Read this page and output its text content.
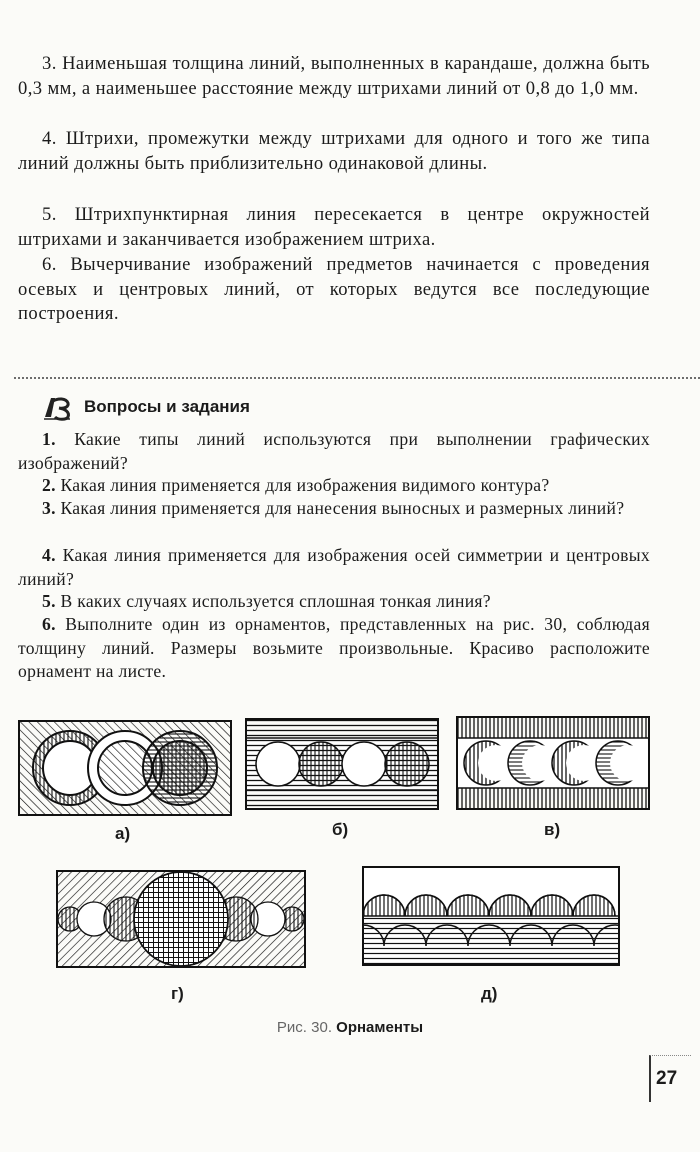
3. Наименьшая толщина линий, выполненных в карандаше, должна быть 0,3 мм, а наименьшее расстояние между штрихами линий от 0,8 до 1,0 мм.

4. Штрихи, промежутки между штрихами для одного и того же типа линий должны быть приблизительно одинаковой длины.

5. Штрихпунктирная линия пересекается в центре окружностей штрихами и заканчивается изображением штриха.

6. Вычерчивание изображений предметов начинается с проведения осевых и центровых линий, от которых ведутся все последующие построения.

Вопросы и задания

1. Какие типы линий используются при выполнении графических изображений?

2. Какая линия применяется для изображения видимого контура?

3. Какая линия применяется для нанесения выносных и размерных линий?

4. Какая линия применяется для изображения осей симметрии и центровых линий?

5. В каких случаях используется сплошная тонкая линия?

6. Выполните один из орнаментов, представленных на рис. 30, соблюдая толщину линий. Размеры возьмите произвольные. Красиво расположите орнамент на листе.

а)	б)	в)
г)	д)
Рис. 30. Орнаменты
27
